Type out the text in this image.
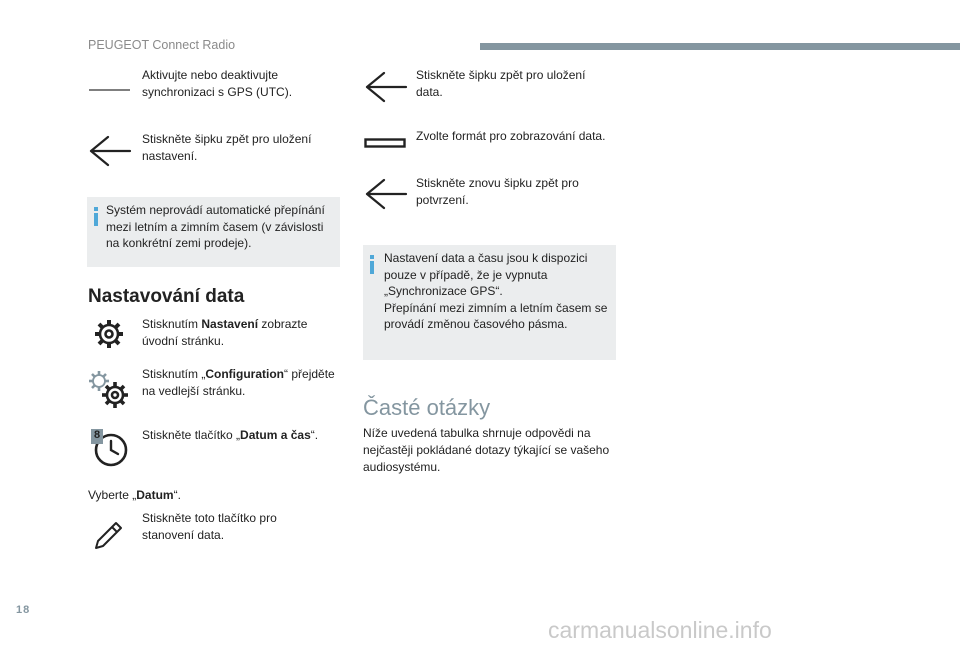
PEUGEOT Connect Radio
Aktivujte nebo deaktivujte synchronizaci s GPS (UTC).
Stiskněte šipku zpět pro uložení nastavení.
Systém neprovádí automatické přepínání mezi letním a zimním časem (v závislosti na konkrétní zemi prodeje).
Nastavování data
Stisknutím Nastavení zobrazte úvodní stránku.
Stisknutím „Configuration“ přejděte na vedlejší stránku.
8	Stiskněte tlačítko „Datum a čas“.
Vyberte „Datum“.
Stiskněte toto tlačítko pro stanovení data.
Stiskněte šipku zpět pro uložení data.
Zvolte formát pro zobrazování data.
Stiskněte znovu šipku zpět pro potvrzení.
Nastavení data a času jsou k dispozici pouze v případě, že je vypnuta „Synchronizace GPS“.
Přepínání mezi zimním a letním časem se provádí změnou časového pásma.
Časté otázky
Níže uvedená tabulka shrnuje odpovědi na nejčastěji pokládané dotazy týkající se vašeho audiosystému.
18
carmanualsonline.info
